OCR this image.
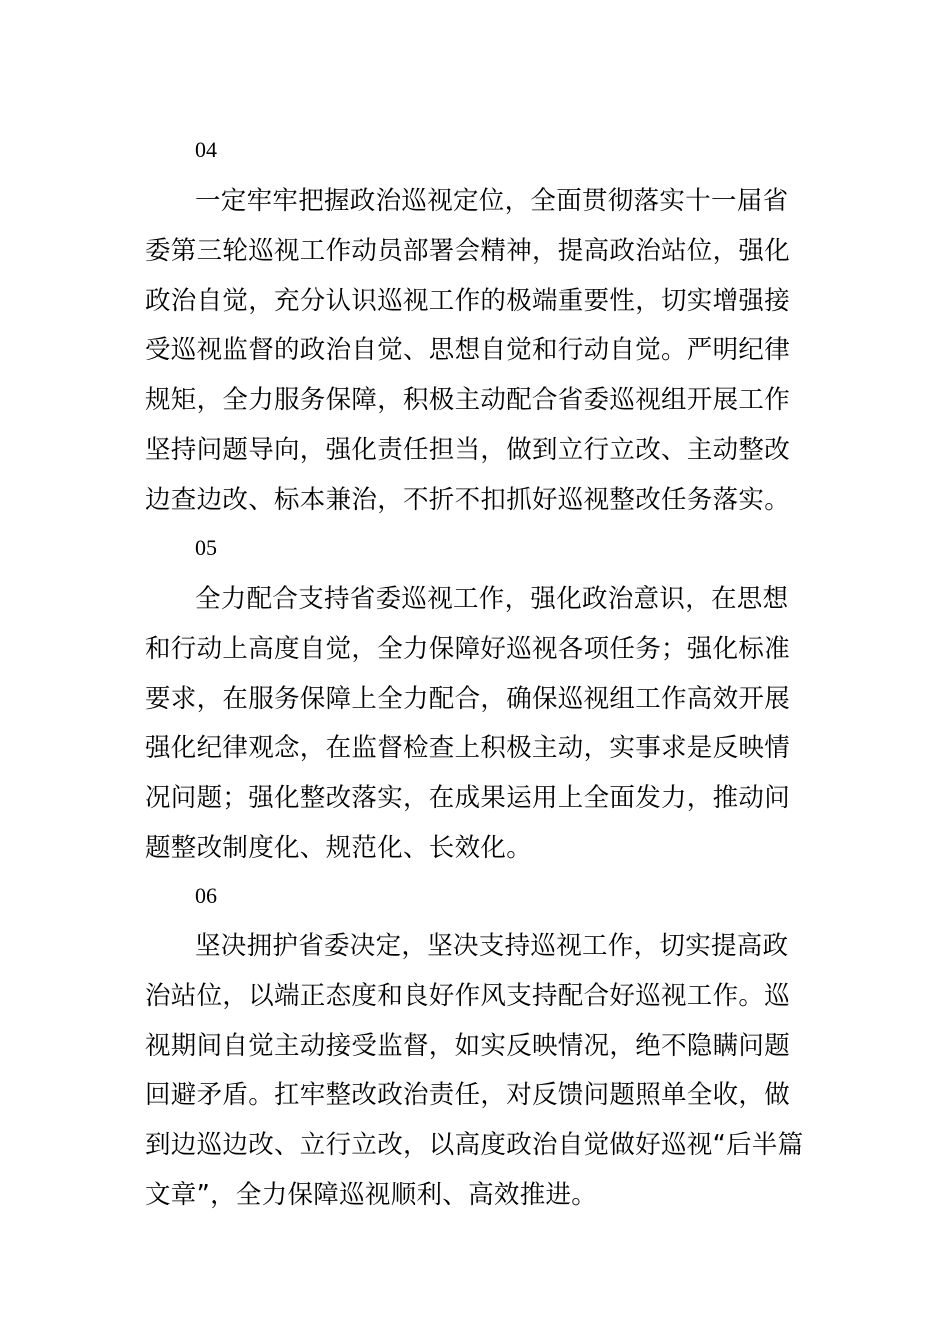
04
一定牢牢把握政治巡视定位，全面贯彻落实十一届省
委第三轮巡视工作动员部署会精神，提高政治站位，强化
政治自觉，充分认识巡视工作的极端重要性，切实增强接
受巡视监督的政治自觉、思想自觉和行动自觉。严明纪律
规矩，全力服务保障，积极主动配合省委巡视组开展工作
坚持问题导向，强化责任担当，做到立行立改、主动整改
边查边改、标本兼治，不折不扣抓好巡视整改任务落实。
05
全力配合支持省委巡视工作，强化政治意识，在思想
和行动上高度自觉，全力保障好巡视各项任务；强化标准
要求，在服务保障上全力配合，确保巡视组工作高效开展
强化纪律观念，在监督检查上积极主动，实事求是反映情
况问题；强化整改落实，在成果运用上全面发力，推动问
题整改制度化、规范化、长效化。
06
坚决拥护省委决定，坚决支持巡视工作，切实提高政
治站位，以端正态度和良好作风支持配合好巡视工作。巡
视期间自觉主动接受监督，如实反映情况，绝不隐瞒问题
回避矛盾。扛牢整改政治责任，对反馈问题照单全收，做
到边巡边改、立行立改，以高度政治自觉做好巡视“后半篇
文章”，全力保障巡视顺利、高效推进。
